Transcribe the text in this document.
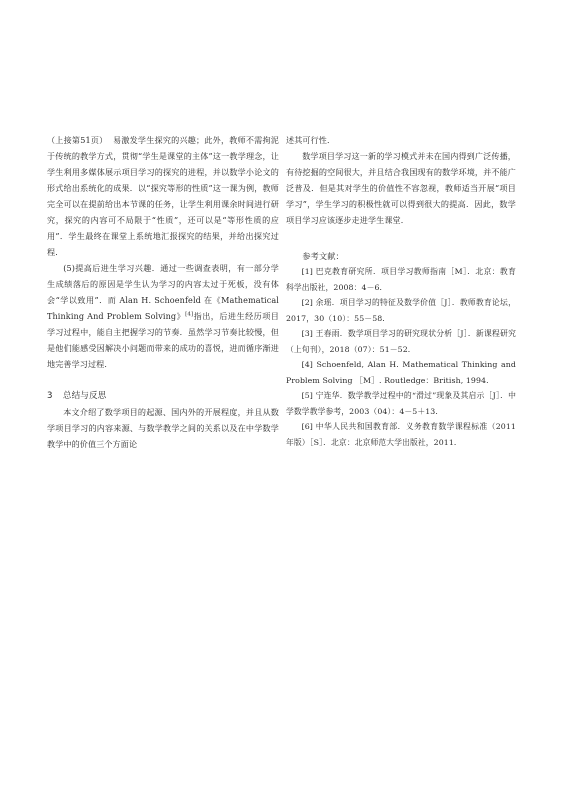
（上接第51页） 易激发学生探究的兴趣；此外，教师不需拘泥于传统的教学方式，贯彻“学生是课堂的主体”这一教学理念，让学生利用多媒体展示项目学习的探究的进程，并以数学小论文的形式给出系统化的成果．以“探究等形的性质”这一课为例，教师完全可以在提前给出本节课的任务，让学生利用课余时间进行研究，探究的内容可不局限于“性质”，还可以是“等形性质的应用”．学生最终在课堂上系统地汇报探究的结果，并给出探究过程．

(5)提高后进生学习兴趣．通过一些调查表明，有一部分学生成绩落后的原因是学生认为学习的内容太过于死板，没有体会“学以致用”．而 Alan H. Schoenfeld 在《Mathematical Thinking And Problem Solving》[4]指出，后进生经历项目学习过程中，能自主把握学习的节奏．虽然学习节奏比较慢，但是他们能感受因解决小问题而带来的成功的喜悦，进而循序渐进地完善学习过程．

3 总结与反思

本文介绍了数学项目的起源、国内外的开展程度，并且从数学项目学习的内容来源、与数学教学之间的关系以及在中学数学教学中的价值三个方面论

述其可行性．

数学项目学习这一新的学习模式并未在国内得到广泛传播，有待挖掘的空间很大，并且结合我国现有的数学环境，并不能广泛普及．但是其对学生的价值性不容忽视，教师适当开展“项目学习”，学生学习的积极性就可以得到很大的提高．因此，数学项目学习应该逐步走进学生课堂．

参考文献：

[1] 巴克教育研究所．项目学习教师指南［M］．北京：教育科学出版社，2008：4－6．

[2] 余瑶．项目学习的特征及数学价值［J］．教师教育论坛，2017，30（10）：55－58．

[3] 王春雨．数学项目学习的研究现状分析［J］．新课程研究（上旬刊），2018（07）：51－52．

[4] Schoenfeld, Alan H. Mathematical Thinking and Problem Solving ［M］. Routledge：British, 1994.

[5] 宁连华．数学教学过程中的“滑过”现象及其启示［J］．中学数学教学参考，2003（04）：4－5＋13．

[6] 中华人民共和国教育部．义务教育数学课程标准（2011年版）［S］．北京：北京师范大学出版社，2011．
